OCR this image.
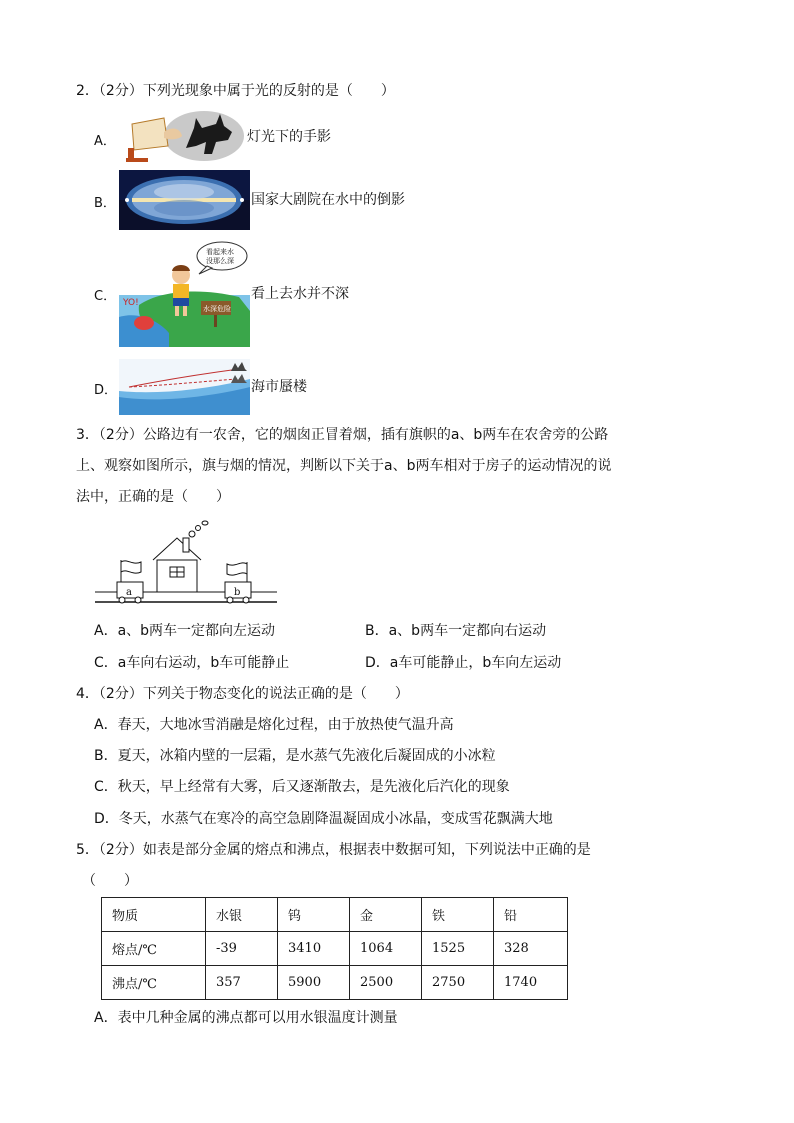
2．（2分）下列光现象中属于光的反射的是（　　）
A．	灯光下的手影
B．	国家大剧院在水中的倒影
C． YO!
水深危险
看起来水
没那么深
看上去水并不深
D．	海市蜃楼
3．（2分）公路边有一农舍，它的烟囱正冒着烟，插有旗帜的a、b两车在农舍旁的公路
上、观察如图所示，旗与烟的情况，判断以下关于a、b两车相对于房子的运动情况的说
法中，正确的是（　　）
a	b
A．a、b两车一定都向左运动	B．a、b两车一定都向右运动
C．a车向右运动，b车可能静止	D．a车可能静止，b车向左运动
4．（2分）下列关于物态变化的说法正确的是（　　）
A．春天，大地冰雪消融是熔化过程，由于放热使气温升高
B．夏天，冰箱内壁的一层霜，是水蒸气先液化后凝固成的小冰粒
C．秋天，早上经常有大雾，后又逐渐散去，是先液化后汽化的现象
D．冬天，水蒸气在寒冷的高空急剧降温凝固成小冰晶，变成雪花飘满大地
5．（2分）如表是部分金属的熔点和沸点，根据表中数据可知，下列说法中正确的是
（　　）
物质	水银	钨	金	铁	铅
熔点/℃	-39	3410	1064	1525	328
沸点/℃	357	5900	2500	2750	1740
A．表中几种金属的沸点都可以用水银温度计测量
